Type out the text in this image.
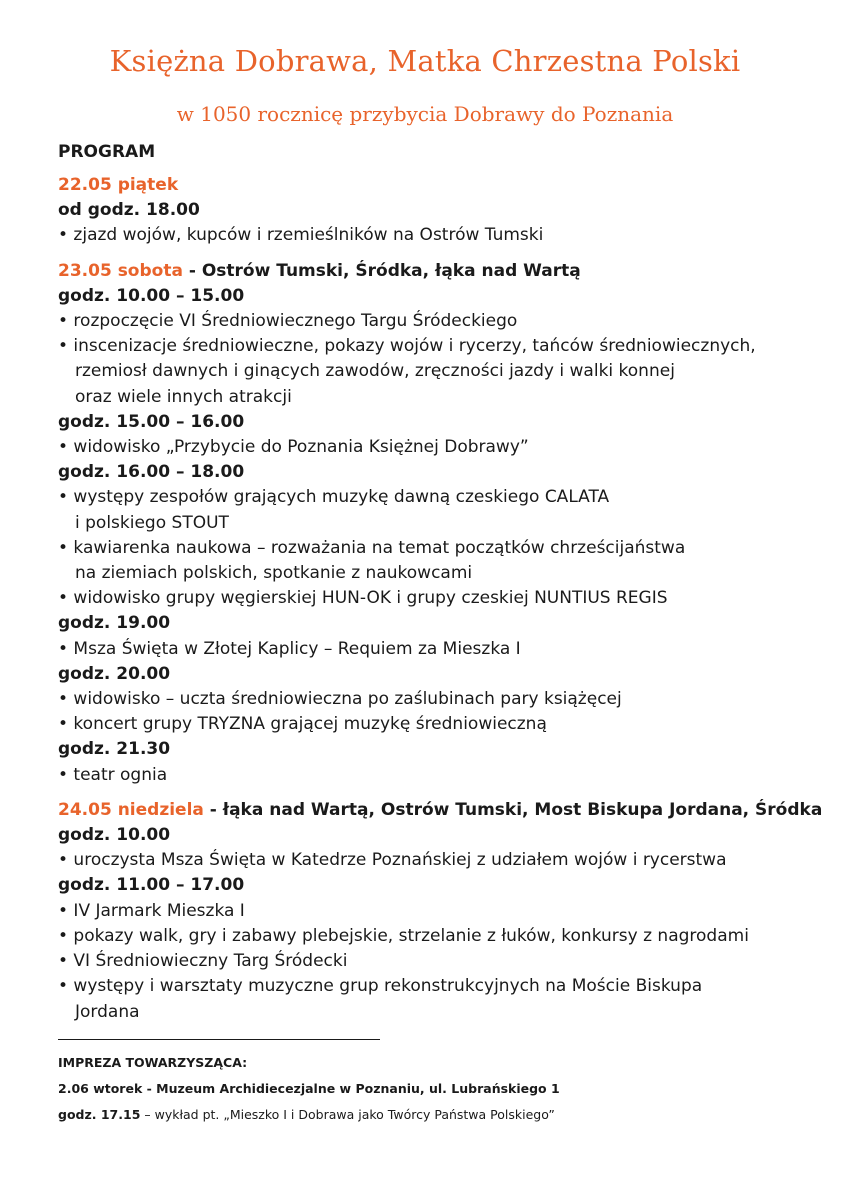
Księżna Dobrawa, Matka Chrzestna Polski
w 1050 rocznicę przybycia Dobrawy do Poznania

PROGRAM

22.05 piątek

od godz. 18.00

• zjazd wojów, kupców i rzemieślników na Ostrów Tumski

23.05 sobota - Ostrów Tumski, Śródka, łąka nad Wartą

godz. 10.00 – 15.00

• rozpoczęcie VI Średniowiecznego Targu Śródeckiego

• inscenizacje średniowieczne, pokazy wojów i rycerzy, tańców średniowiecznych,

rzemiosł dawnych i ginących zawodów, zręczności jazdy i walki konnej

oraz wiele innych atrakcji

godz. 15.00 – 16.00

• widowisko „Przybycie do Poznania Księżnej Dobrawy”

godz. 16.00 – 18.00

• występy zespołów grających muzykę dawną czeskiego CALATA

i polskiego STOUT

• kawiarenka naukowa – rozważania na temat początków chrześcijaństwa

na ziemiach polskich, spotkanie z naukowcami

• widowisko grupy węgierskiej HUN-OK i grupy czeskiej NUNTIUS REGIS

godz. 19.00

• Msza Święta w Złotej Kaplicy – Requiem za Mieszka I

godz. 20.00

• widowisko – uczta średniowieczna po zaślubinach pary książęcej

• koncert grupy TRYZNA grającej muzykę średniowieczną

godz. 21.30

• teatr ognia

24.05 niedziela - łąka nad Wartą, Ostrów Tumski, Most Biskupa Jordana, Śródka

godz. 10.00

• uroczysta Msza Święta w Katedrze Poznańskiej z udziałem wojów i rycerstwa

godz. 11.00 – 17.00

• IV Jarmark Mieszka I

• pokazy walk, gry i zabawy plebejskie, strzelanie z łuków, konkursy z nagrodami

• VI Średniowieczny Targ Śródecki

• występy i warsztaty muzyczne grup rekonstrukcyjnych na Moście Biskupa

Jordana

IMPREZA TOWARZYSZĄCA:

2.06 wtorek - Muzeum Archidiecezjalne w Poznaniu, ul. Lubrańskiego 1

godz. 17.15 – wykład pt. „Mieszko I i Dobrawa jako Twórcy Państwa Polskiego”
